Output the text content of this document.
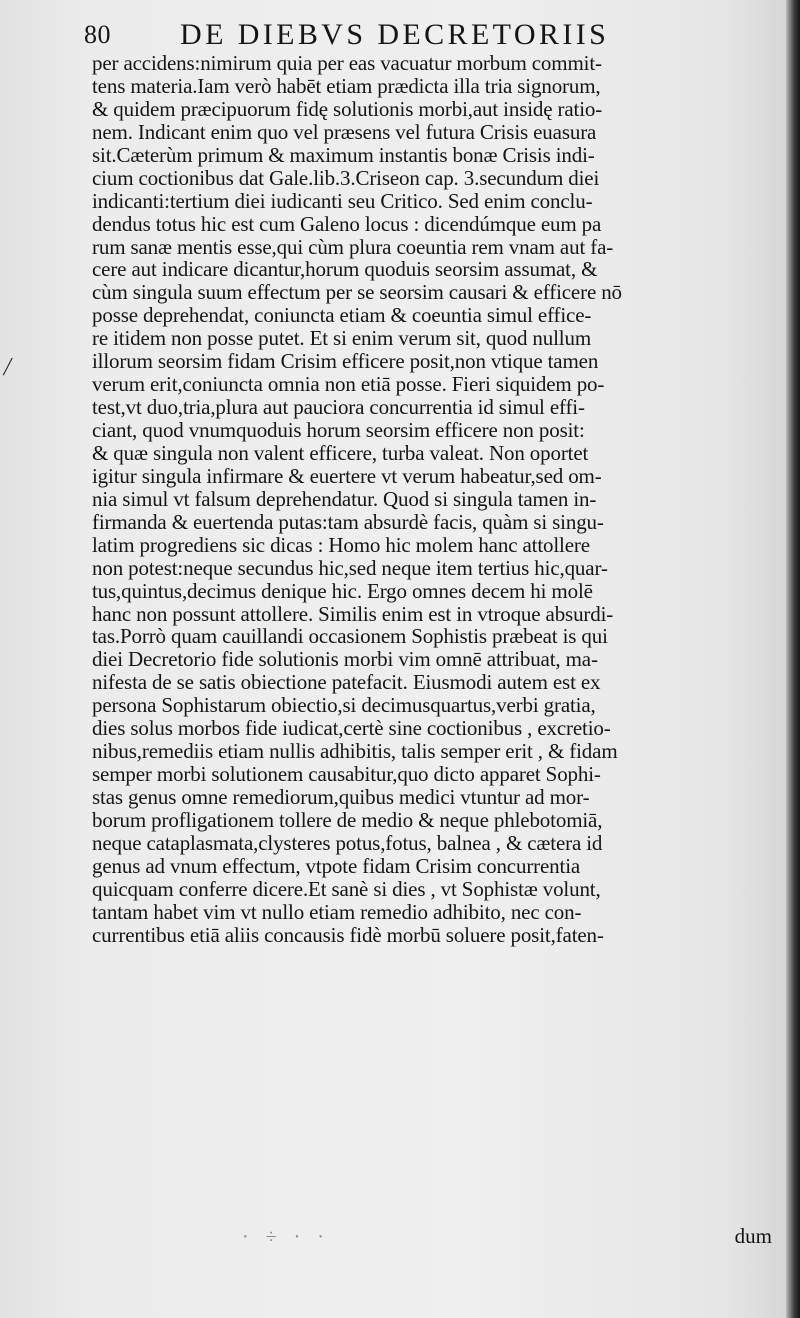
80 DE DIEBVS DECRETORIIS
/
per accidens:nimirum quia per eas vacuatur morbum commit-
tens materia.Iam verò habēt etiam prædicta illa tria signorum,
& quidem præcipuorum fidę solutionis morbi,aut insidę ratio-
nem. Indicant enim quo vel præsens vel futura Crisis euasura
sit.Cæterùm primum & maximum instantis bonæ Crisis indi-
cium coctionibus dat Gale.lib.3.Criseon cap. 3.secundum diei
indicanti:tertium diei iudicanti seu Critico. Sed enim conclu-
dendus totus hic est cum Galeno locus : dicendúmque eum pa
rum sanæ mentis esse,qui cùm plura coeuntia rem vnam aut fa-
cere aut indicare dicantur,horum quoduis seorsim assumat, &
cùm singula suum effectum per se seorsim causari & efficere nō
posse deprehendat, coniuncta etiam & coeuntia simul effice-
re itidem non posse putet. Et si enim verum sit, quod nullum
illorum seorsim fidam Crisim efficere posit,non vtique tamen
verum erit,coniuncta omnia non etiā posse. Fieri siquidem po-
test,vt duo,tria,plura aut pauciora concurrentia id simul effi-
ciant, quod vnumquoduis horum seorsim efficere non posit:
& quæ singula non valent efficere, turba valeat. Non oportet
igitur singula infirmare & euertere vt verum habeatur,sed om-
nia simul vt falsum deprehendatur. Quod si singula tamen in-
firmanda & euertenda putas:tam absurdè facis, quàm si singu-
latim progrediens sic dicas : Homo hic molem hanc attollere
non potest:neque secundus hic,sed neque item tertius hic,quar-
tus,quintus,decimus denique hic. Ergo omnes decem hi molē
hanc non possunt attollere. Similis enim est in vtroque absurdi-
tas.Porrò quam cauillandi occasionem Sophistis præbeat is qui
diei Decretorio fide solutionis morbi vim omnē attribuat, ma-
nifesta de se satis obiectione patefacit. Eiusmodi autem est ex
persona Sophistarum obiectio,si decimusquartus,verbi gratia,
dies solus morbos fide iudicat,certè sine coctionibus , excretio-
nibus,remediis etiam nullis adhibitis, talis semper erit , & fidam
semper morbi solutionem causabitur,quo dicto apparet Sophi-
stas genus omne remediorum,quibus medici vtuntur ad mor-
borum profligationem tollere de medio & neque phlebotomiā,
neque cataplasmata,clysteres potus,fotus, balnea , & cætera id
genus ad vnum effectum, vtpote fidam Crisim concurrentia
quicquam conferre dicere.Et sanè si dies , vt Sophistæ volunt,
tantam habet vim vt nullo etiam remedio adhibito, nec con-
currentibus etiā aliis concausis fidè morbū soluere posit,faten-
· ÷ · ·	dum
